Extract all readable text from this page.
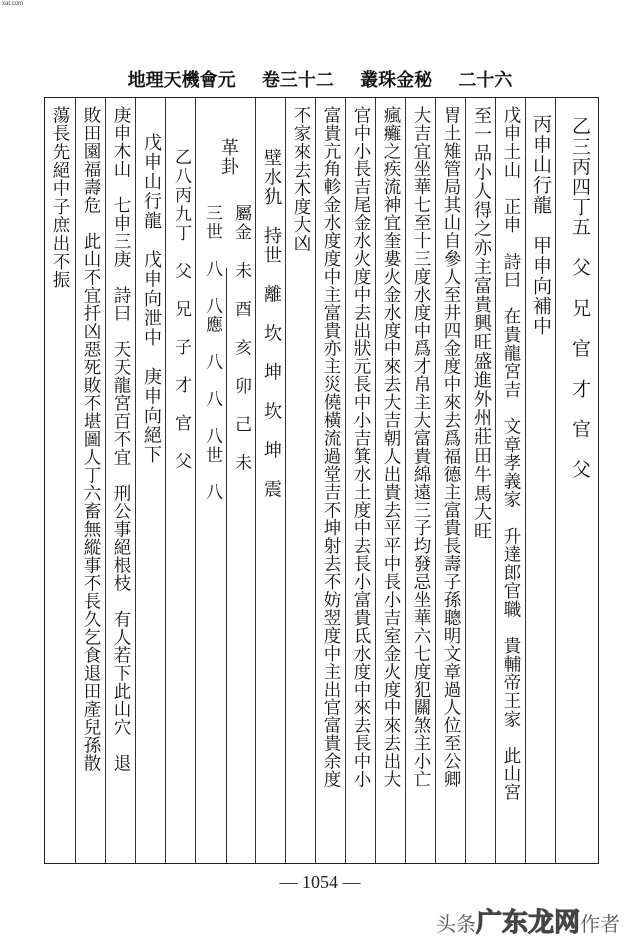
xat.com
地理天機會元 卷三十二 叢珠金秘 二十六
乙三丙四丁五　父　兄　官　才　官　父
丙申山行龍　甲申向補中
戊申土山　正申　詩曰　在貴龍宮吉　文章孝義家　升達郎官職　貴輔帝王家　此山宮
至一品小人得之亦主富貴興旺盛進外州莊田牛馬大旺
胃土雉管局其山自參人至井四金度中來去爲福德主富貴長壽子孫聰明文章過人位至公卿
大吉宜坐華七至十三度水度中爲才帛主大富貴綿遠三子均發忌坐華六七度犯關煞主小亡
瘋癱之疾流神宜奎婁火金水度中來去大吉朝人出貴去平平中長小吉室金火度中來去出大
官中小長吉尾金水火度中去出狀元長中小吉箕水土度中去長小富貴氐水度中來去長中小
富貴亢角軫金水度度中主富貴亦主災僥橫流過堂吉不坤射去不妨翌度中主出官富貴余度
不家來去木度大凶
壁水犰　持世　離　坎　坤　坎　坤　震
革卦
屬金　未　酉　亥　卯　己　未
三世　八　八應　八　八　八世　八
乙八丙九丁　父　兄　子　才　官　父
戊申山行龍　戊申向泄中　庚申向絕下
庚申木山　七申三庚　詩曰　天天龍宮百不宜　刑公事絕根枝　有人若下此山穴　退
敗田園福壽危　此山不宜扦凶惡死敗不堪圖人丁六畜無縱事不長久乞食退田產兒孫散
蕩長先絕中子庶出不振
— 1054 —
头条广东龙网作者
